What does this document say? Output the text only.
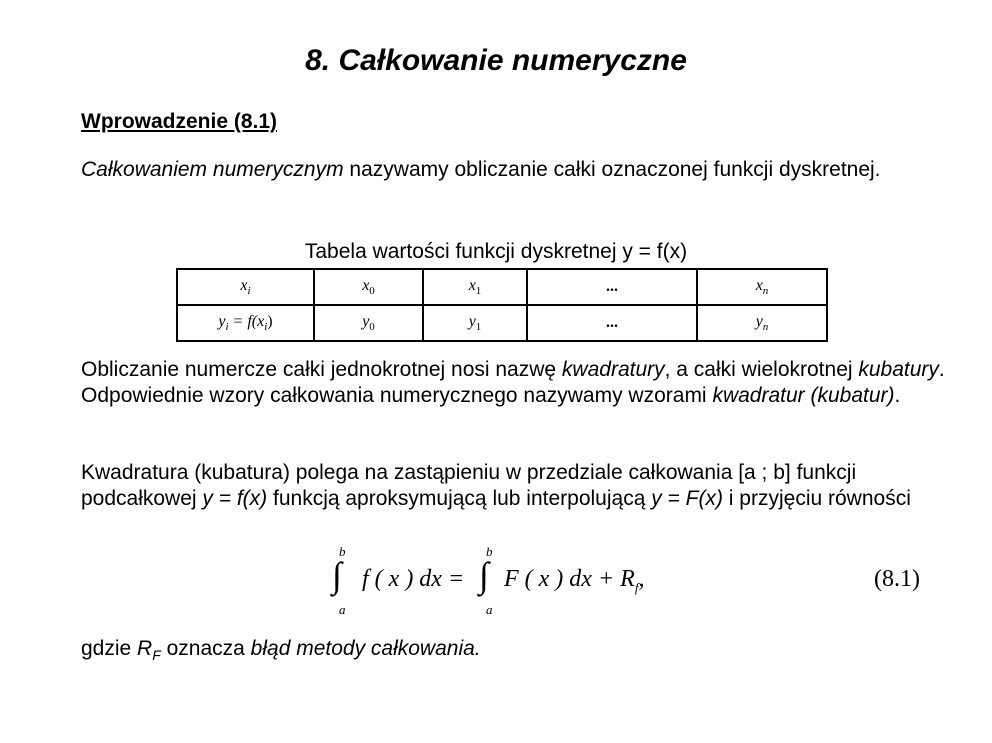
8. Całkowanie numeryczne
Wprowadzenie (8.1)
Całkowaniem numerycznym nazywamy obliczanie całki oznaczonej funkcji dyskretnej.
Tabela wartości funkcji dyskretnej y = f(x)
$x_i$	$x_0$	$x_1$	...	$x_n$
$y_i = f(x_i)$	$y_0$	$y_1$	...	$y_n$
Obliczanie numercze całki jednokrotnej nosi nazwę kwadratury, a całki wielokrotnej kubatury. Odpowiednie wzory całkowania numerycznego nazywamy wzorami kwadratur (kubatur).
Kwadratura (kubatura) polega na zastąpieniu w przedziale całkowania [a ; b] funkcji podcałkowej y = f(x) funkcją aproksymującą lub interpolującą y = F(x) i przyjęciu równości
b
∫
a
f ( x ) dx =
b
∫
a
F ( x ) dx + $R_f$,	(8.1)
gdzie $R_F$ oznacza błąd metody całkowania.
